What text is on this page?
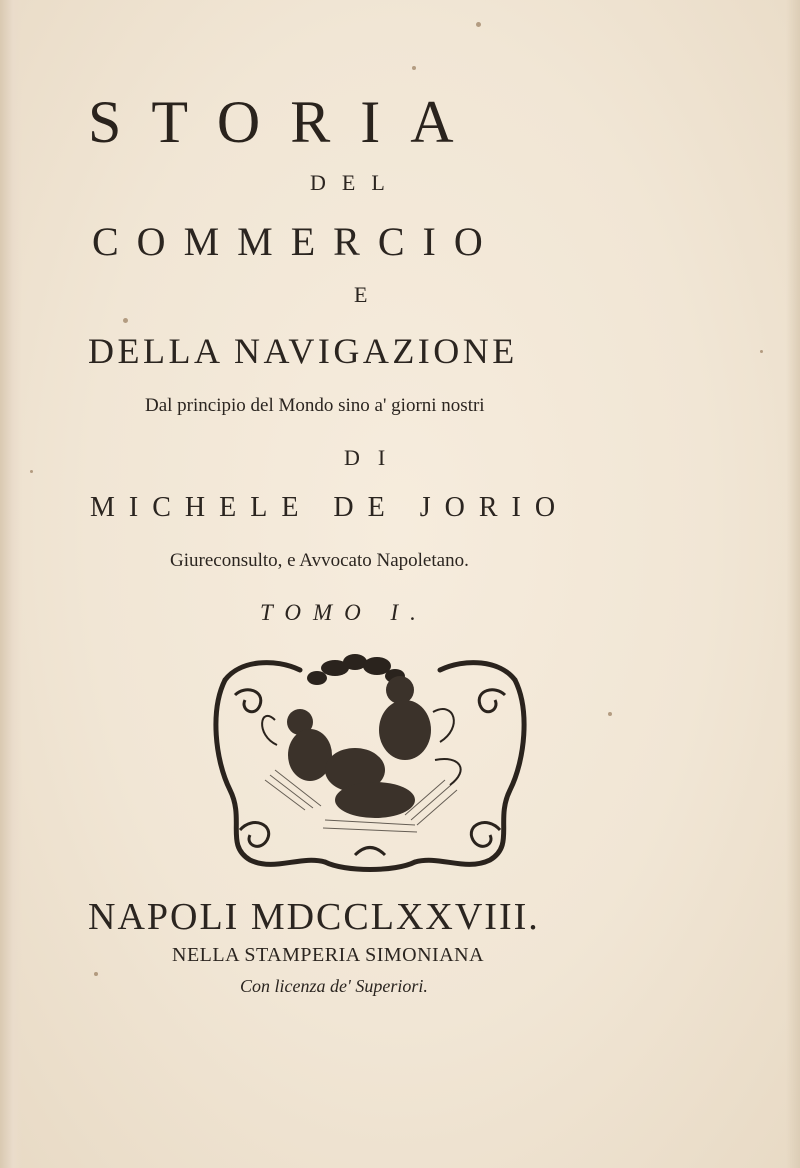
STORIA
DEL
COMMERCIO
E
DELLA NAVIGAZIONE
Dal principio del Mondo sino a' giorni nostri
DI
MICHELE DE JORIO
Giureconsulto, e Avvocato Napoletano.
TOMO I.
NAPOLI MDCCLXXVIII.
NELLA STAMPERIA SIMONIANA
Con licenza de' Superiori.
